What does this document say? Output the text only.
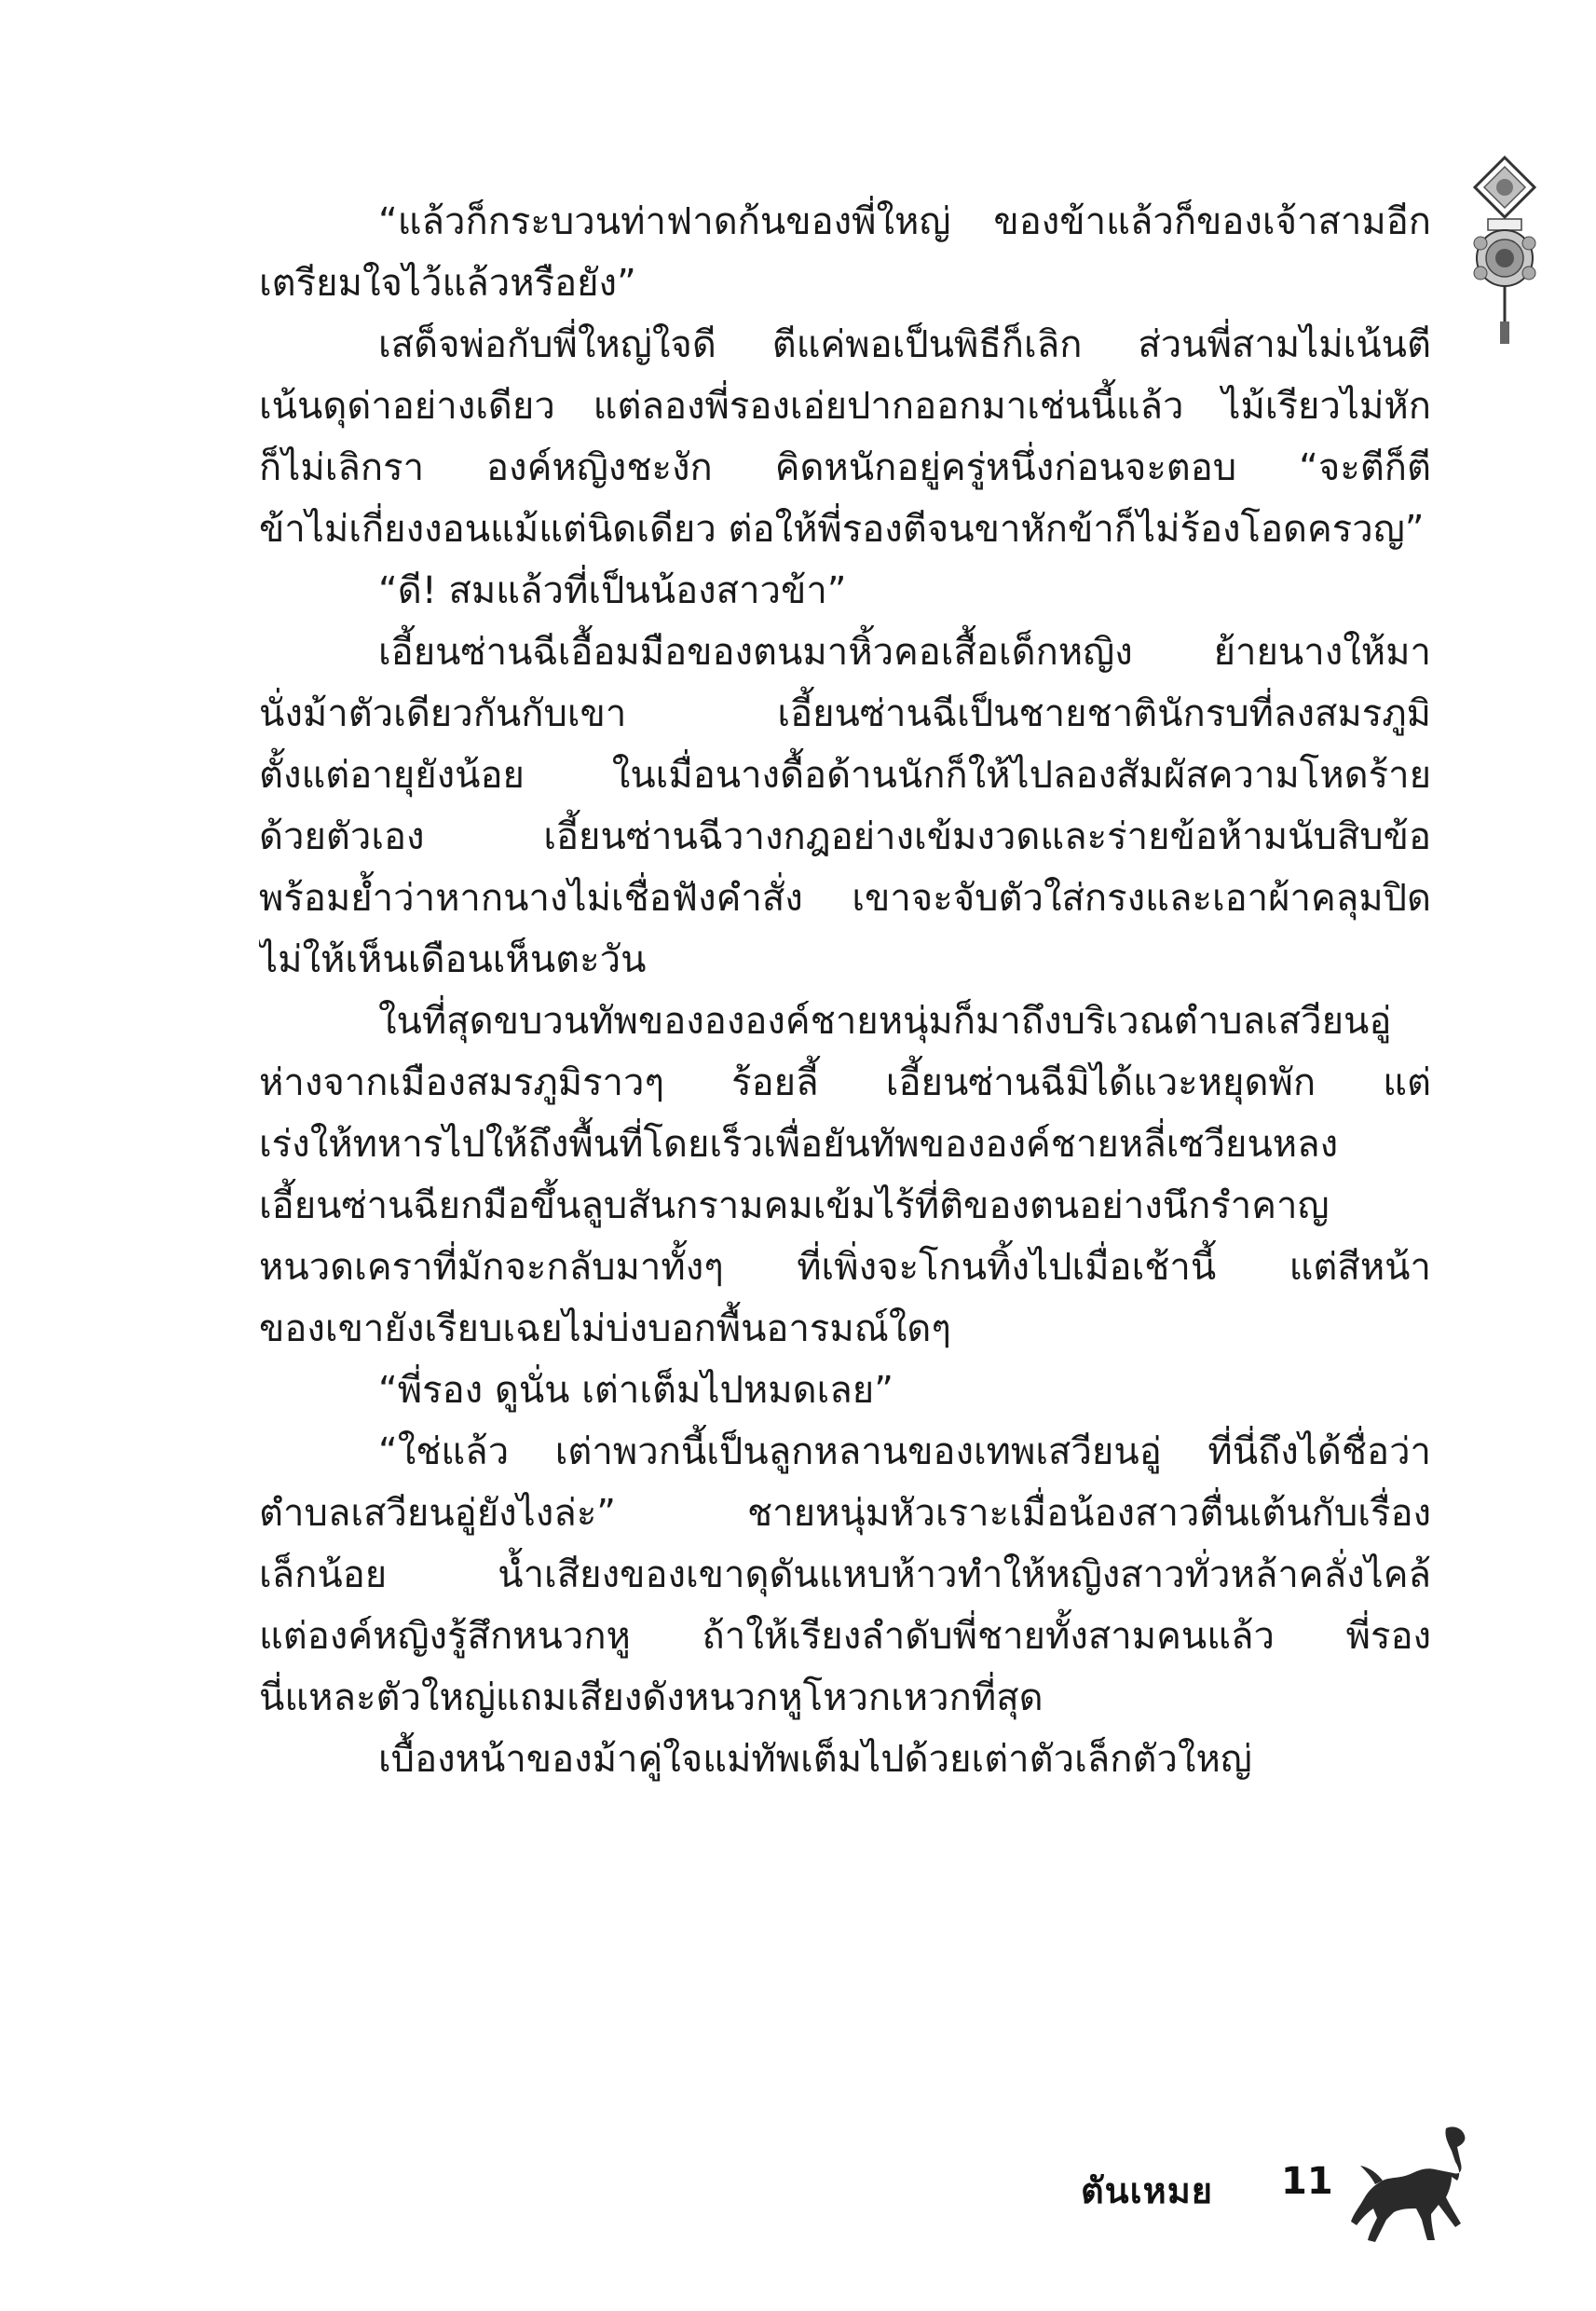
“แล้วก็กระบวนท่าฟาดก้นของพี่ใหญ่ ของข้าแล้วก็ของเจ้าสามอีก
เตรียมใจไว้แล้วหรือยัง”
เสด็จพ่อกับพี่ใหญ่ใจดี ตีแค่พอเป็นพิธีก็เลิก ส่วนพี่สามไม่เน้นตี
เน้นดุด่าอย่างเดียว แต่ลองพี่รองเอ่ยปากออกมาเช่นนี้แล้ว ไม้เรียวไม่หัก
ก็ไม่เลิกรา องค์หญิงชะงัก คิดหนักอยู่ครู่หนึ่งก่อนจะตอบ “จะตีก็ตี
ข้าไม่เกี่ยงงอนแม้แต่นิดเดียว ต่อให้พี่รองตีจนขาหักข้าก็ไม่ร้องโอดครวญ”
“ดี! สมแล้วที่เป็นน้องสาวข้า”
เอี้ยนซ่านฉีเอื้อมมือของตนมาหิ้วคอเสื้อเด็กหญิง ย้ายนางให้มา
นั่งม้าตัวเดียวกันกับเขา เอี้ยนซ่านฉีเป็นชายชาตินักรบที่ลงสมรภูมิ
ตั้งแต่อายุยังน้อย ในเมื่อนางดื้อด้านนักก็ให้ไปลองสัมผัสความโหดร้าย
ด้วยตัวเอง เอี้ยนซ่านฉีวางกฎอย่างเข้มงวดและร่ายข้อห้ามนับสิบข้อ
พร้อมย้ำว่าหากนางไม่เชื่อฟังคำสั่ง เขาจะจับตัวใส่กรงและเอาผ้าคลุมปิด
ไม่ให้เห็นเดือนเห็นตะวัน
ในที่สุดขบวนทัพของององค์ชายหนุ่มก็มาถึงบริเวณตำบลเสวียนอู่
ห่างจากเมืองสมรภูมิราวๆ ร้อยลี้ เอี้ยนซ่านฉีมิได้แวะหยุดพัก แต่
เร่งให้ทหารไปให้ถึงพื้นที่โดยเร็วเพื่อยันทัพขององค์ชายหลี่เซวียนหลง
เอี้ยนซ่านฉียกมือขึ้นลูบสันกรามคมเข้มไร้ที่ติของตนอย่างนึกรำคาญ
หนวดเคราที่มักจะกลับมาทั้งๆ ที่เพิ่งจะโกนทิ้งไปเมื่อเช้านี้ แต่สีหน้า
ของเขายังเรียบเฉยไม่บ่งบอกพื้นอารมณ์ใดๆ
“พี่รอง ดูนั่น เต่าเต็มไปหมดเลย”
“ใช่แล้ว เต่าพวกนี้เป็นลูกหลานของเทพเสวียนอู่ ที่นี่ถึงได้ชื่อว่า
ตำบลเสวียนอู่ยังไงล่ะ” ชายหนุ่มหัวเราะเมื่อน้องสาวตื่นเต้นกับเรื่อง
เล็กน้อย น้ำเสียงของเขาดุดันแหบห้าวทำให้หญิงสาวทั่วหล้าคลั่งไคล้
แต่องค์หญิงรู้สึกหนวกหู ถ้าให้เรียงลำดับพี่ชายทั้งสามคนแล้ว พี่รอง
นี่แหละตัวใหญ่แถมเสียงดังหนวกหูโหวกเหวกที่สุด
เบื้องหน้าของม้าคู่ใจแม่ทัพเต็มไปด้วยเต่าตัวเล็กตัวใหญ่
ตันเหมย 11
